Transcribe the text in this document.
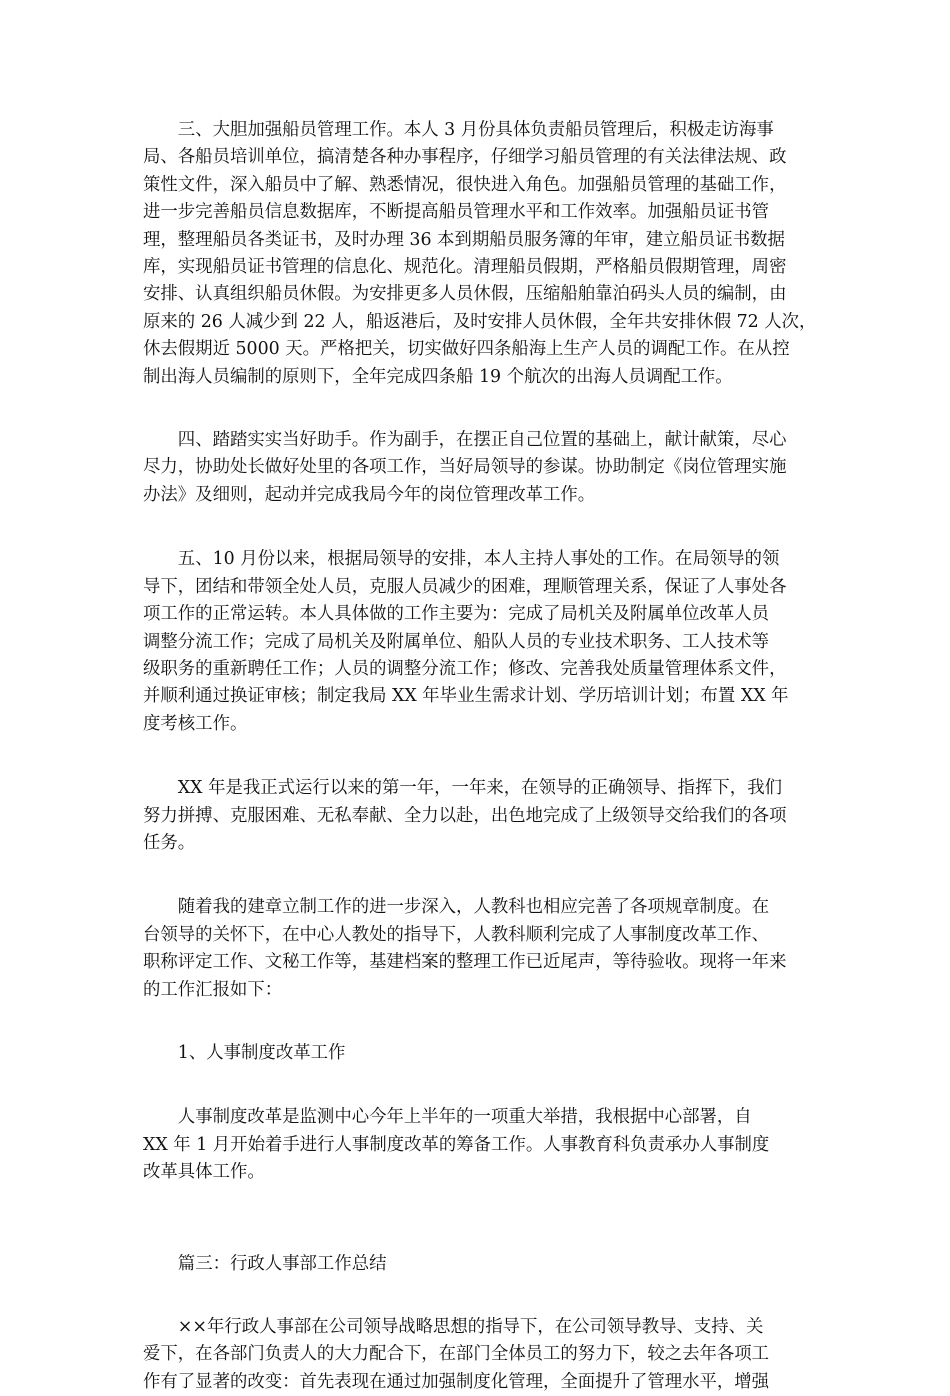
三、大胆加强船员管理工作。本人 3 月份具体负责船员管理后，积极走访海事
局、各船员培训单位，搞清楚各种办事程序，仔细学习船员管理的有关法律法规、政
策性文件，深入船员中了解、熟悉情况，很快进入角色。加强船员管理的基础工作，
进一步完善船员信息数据库，不断提高船员管理水平和工作效率。加强船员证书管
理，整理船员各类证书，及时办理 36 本到期船员服务簿的年审，建立船员证书数据
库，实现船员证书管理的信息化、规范化。清理船员假期，严格船员假期管理，周密
安排、认真组织船员休假。为安排更多人员休假，压缩船舶靠泊码头人员的编制，由
原来的 26 人减少到 22 人，船返港后，及时安排人员休假，全年共安排休假 72 人次，
休去假期近 5000 天。严格把关，切实做好四条船海上生产人员的调配工作。在从控
制出海人员编制的原则下，全年完成四条船 19 个航次的出海人员调配工作。
四、踏踏实实当好助手。作为副手，在摆正自己位置的基础上，献计献策，尽心
尽力，协助处长做好处里的各项工作，当好局领导的参谋。协助制定《岗位管理实施
办法》及细则，起动并完成我局今年的岗位管理改革工作。
五、10 月份以来，根据局领导的安排，本人主持人事处的工作。在局领导的领
导下，团结和带领全处人员，克服人员减少的困难，理顺管理关系，保证了人事处各
项工作的正常运转。本人具体做的工作主要为：完成了局机关及附属单位改革人员
调整分流工作；完成了局机关及附属单位、船队人员的专业技术职务、工人技术等
级职务的重新聘任工作；人员的调整分流工作；修改、完善我处质量管理体系文件，
并顺利通过换证审核；制定我局 XX 年毕业生需求计划、学历培训计划；布置 XX 年
度考核工作。
XX 年是我正式运行以来的第一年，一年来，在领导的正确领导、指挥下，我们
努力拼搏、克服困难、无私奉献、全力以赴，出色地完成了上级领导交给我们的各项
任务。
随着我的建章立制工作的进一步深入，人教科也相应完善了各项规章制度。在
台领导的关怀下，在中心人教处的指导下，人教科顺利完成了人事制度改革工作、
职称评定工作、文秘工作等，基建档案的整理工作已近尾声，等待验收。现将一年来
的工作汇报如下：
1、人事制度改革工作
人事制度改革是监测中心今年上半年的一项重大举措，我根据中心部署，自
XX 年 1 月开始着手进行人事制度改革的筹备工作。人事教育科负责承办人事制度
改革具体工作。
篇三：行政人事部工作总结
××年行政人事部在公司领导战略思想的指导下，在公司领导教导、支持、关
爱下，在各部门负责人的大力配合下，在部门全体员工的努力下，较之去年各项工
作有了显著的改变：首先表现在通过加强制度化管理，全面提升了管理水平，增强
